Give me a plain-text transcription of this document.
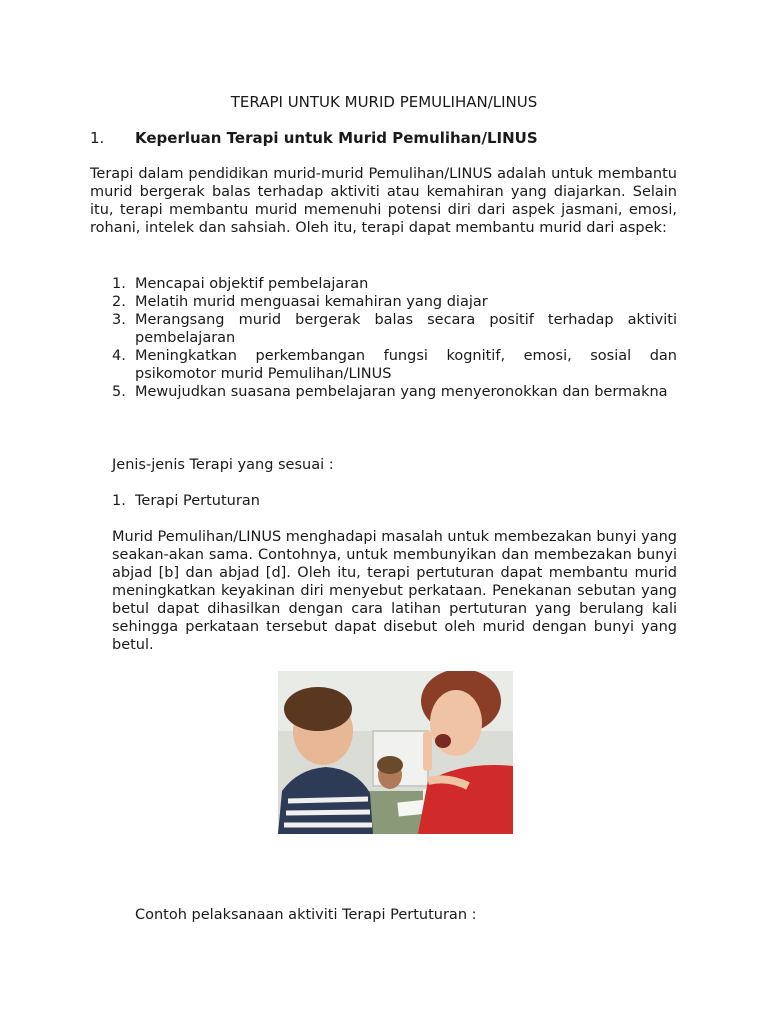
TERAPI UNTUK MURID PEMULIHAN/LINUS
1. Keperluan Terapi untuk Murid Pemulihan/LINUS
Terapi dalam pendidikan murid-murid Pemulihan/LINUS adalah untuk membantu murid bergerak balas terhadap aktiviti atau kemahiran yang diajarkan. Selain itu, terapi membantu murid memenuhi potensi diri dari aspek jasmani, emosi, rohani, intelek dan sahsiah. Oleh itu, terapi dapat membantu murid dari aspek:
1. Mencapai objektif pembelajaran
2. Melatih murid menguasai kemahiran yang diajar
3. Merangsang murid bergerak balas secara positif terhadap aktiviti pembelajaran
4. Meningkatkan perkembangan fungsi kognitif, emosi, sosial dan psikomotor murid Pemulihan/LINUS
5. Mewujudkan suasana pembelajaran yang menyeronokkan dan bermakna
Jenis-jenis Terapi yang sesuai :
1. Terapi Pertuturan
Murid Pemulihan/LINUS menghadapi masalah untuk membezakan bunyi yang seakan-akan sama. Contohnya, untuk membunyikan dan membezakan bunyi abjad [b] dan abjad [d]. Oleh itu, terapi pertuturan dapat membantu murid meningkatkan keyakinan diri menyebut perkataan. Penekanan sebutan yang betul dapat dihasilkan dengan cara latihan pertuturan yang berulang kali sehingga perkataan tersebut dapat disebut oleh murid dengan bunyi yang betul.
Contoh pelaksanaan aktiviti Terapi Pertuturan :
